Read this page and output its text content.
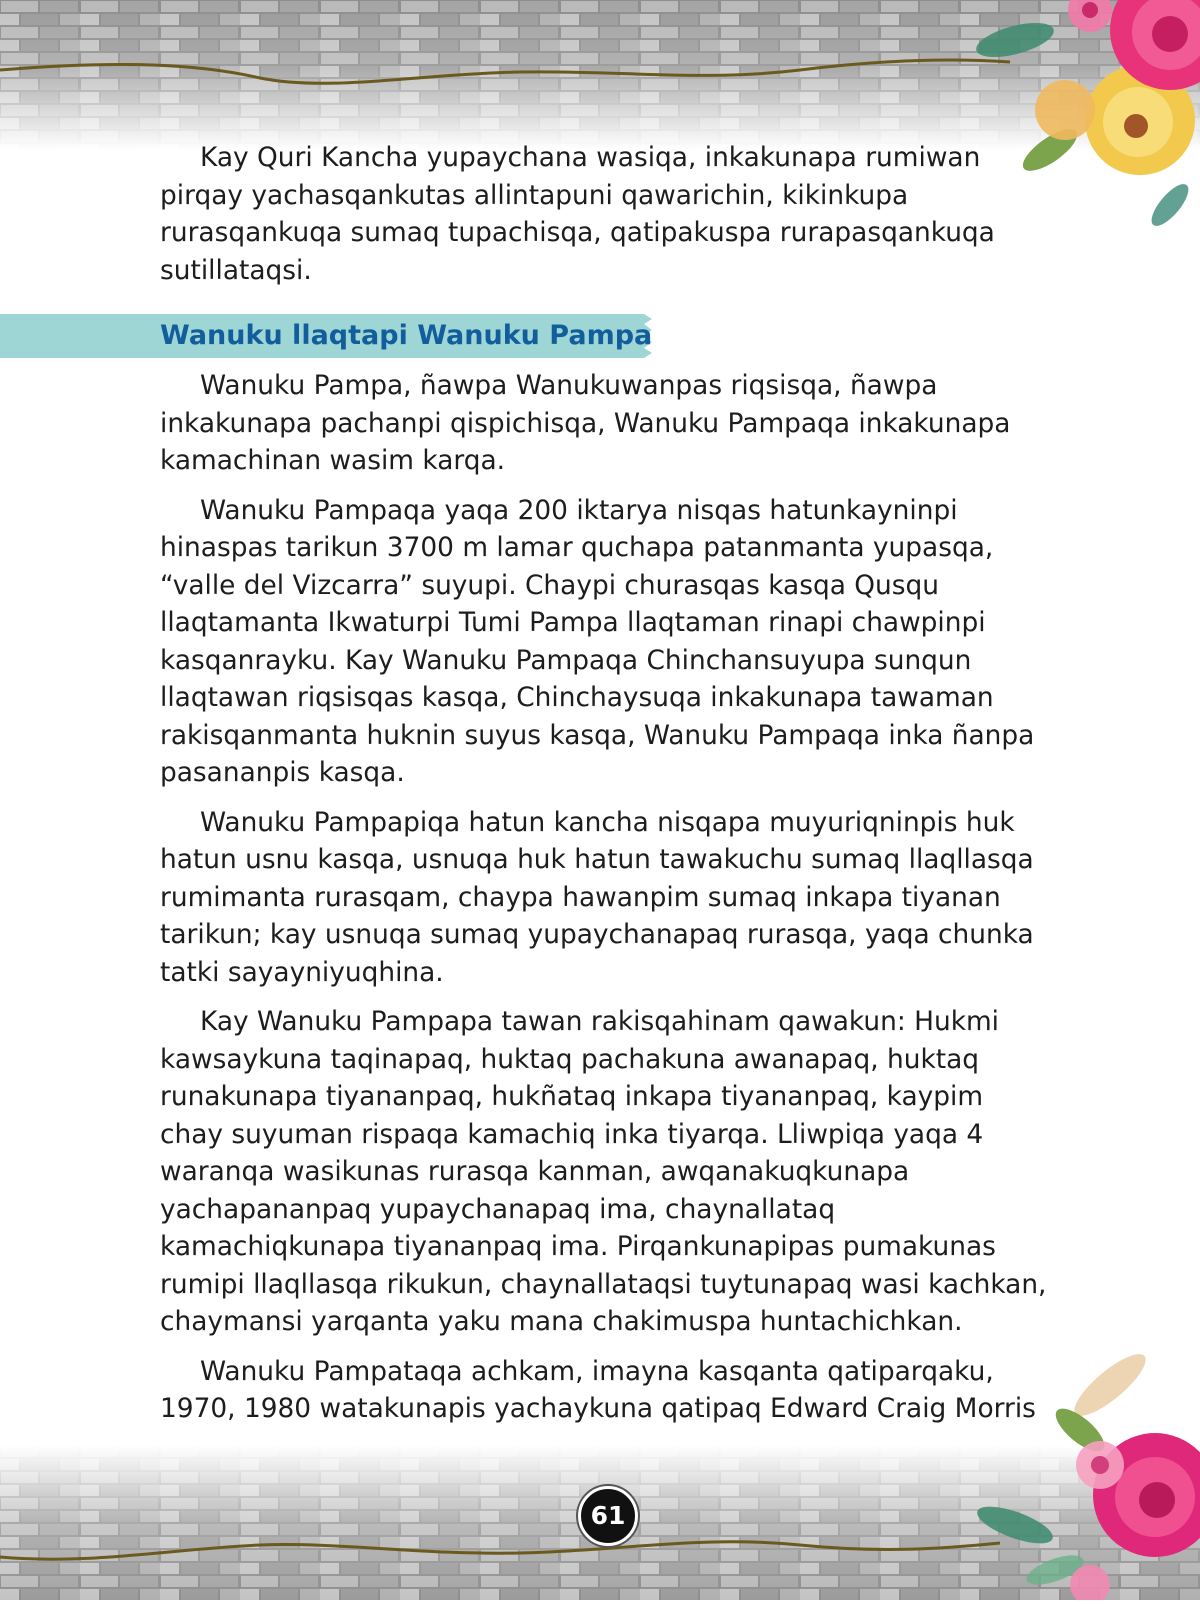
Kay Quri Kancha yupaychana wasiqa, inkakunapa rumiwan pirqay yachasqankutas allintapuni qawarichin, kikinkupa rurasqankuqa sumaq tupachisqa, qatipakuspa rurapasqankuqa sutillataqsi.

Wanuku llaqtapi Wanuku Pampa

Wanuku Pampa, ñawpa Wanukuwanpas riqsisqa, ñawpa inkakunapa pachanpi qispichisqa, Wanuku Pampaqa inkakunapa kamachinan wasim karqa.

Wanuku Pampaqa yaqa 200 iktarya nisqas hatunkayninpi hinaspas tarikun 3700 m lamar quchapa patanmanta yupasqa, “valle del Vizcarra” suyupi. Chaypi churasqas kasqa Qusqu llaqtamanta Ikwaturpi Tumi Pampa llaqtaman rinapi chawpinpi kasqanrayku. Kay Wanuku Pampaqa Chinchansuyupa sunqun llaqtawan riqsisqas kasqa, Chinchaysuqa inkakunapa tawaman rakisqanmanta huknin suyus kasqa, Wanuku Pampaqa inka ñanpa pasananpis kasqa.

Wanuku Pampapiqa hatun kancha nisqapa muyuriqninpis huk hatun usnu kasqa, usnuqa huk hatun tawakuchu sumaq llaqllasqa rumimanta rurasqam, chaypa hawanpim sumaq inkapa tiyanan tarikun; kay usnuqa sumaq yupaychanapaq rurasqa, yaqa chunka tatki sayayniyuqhina.

Kay Wanuku Pampapa tawan rakisqahinam qawakun: Hukmi kawsaykuna taqinapaq, huktaq pachakuna awanapaq, huktaq runakunapa tiyananpaq, hukñataq inkapa tiyananpaq, kaypim chay suyuman rispaqa kamachiq inka tiyarqa. Lliwpiqa yaqa 4 waranqa wasikunas rurasqa kanman, awqanakuqkunapa yachapananpaq yupaychanapaq ima, chaynallataq kamachiqkunapa tiyananpaq ima. Pirqankunapipas pumakunas rumipi llaqllasqa rikukun, chaynallataqsi tuytunapaq wasi kachkan, chaymansi yarqanta yaku mana chakimuspa huntachichkan.

Wanuku Pampataqa achkam, imayna kasqanta qatiparqaku, 1970, 1980 watakunapis yachaykuna qatipaq Edward Craig Morris

61
